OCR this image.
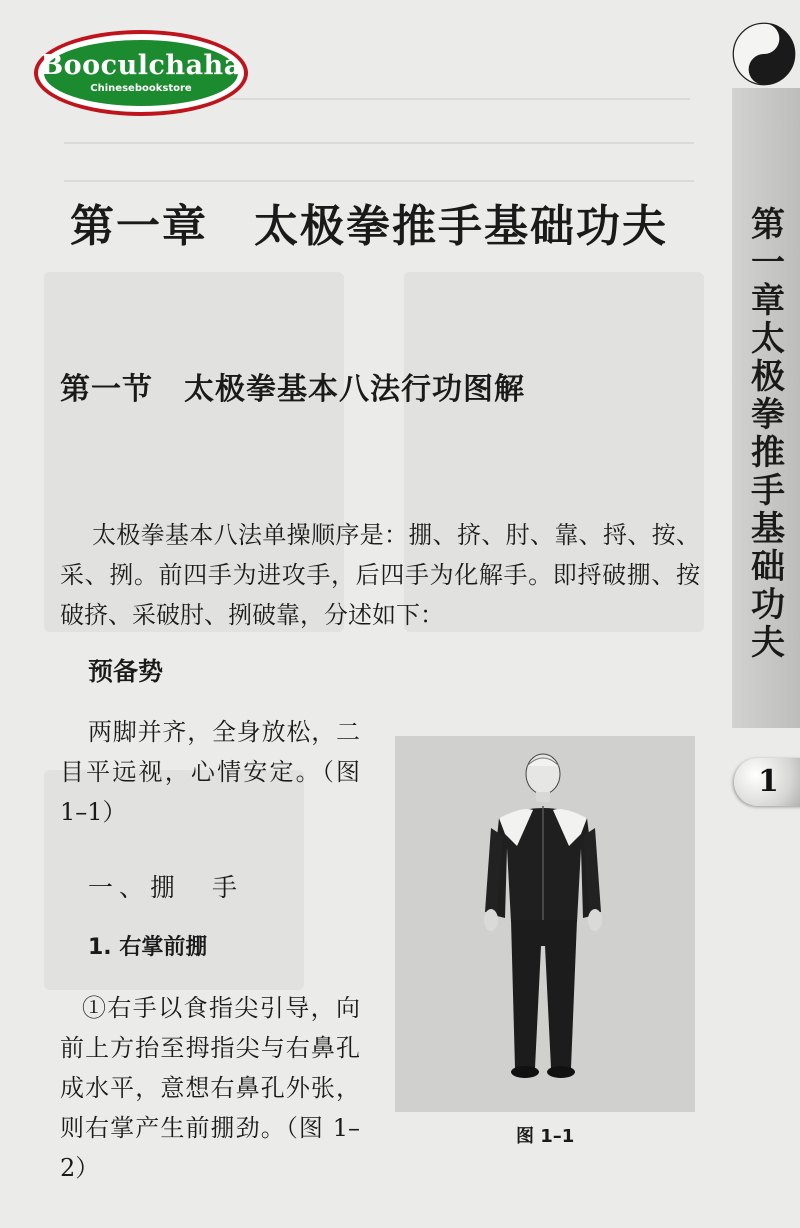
Booculchaha
Chinesebookstore
第一章 太极拳推手基础功夫
1
第一章　太极拳推手基础功夫
第一节　太极拳基本八法行功图解
太极拳基本八法单操顺序是：掤、挤、肘、靠、捋、按、采、挒。前四手为进攻手，后四手为化解手。即捋破掤、按破挤、采破肘、挒破靠，分述如下：
预备势
两脚并齐，全身放松，二目平远视，心情安定。（图1–1）
一、掤　手
1. 右掌前掤
①右手以食指尖引导，向前上方抬至拇指尖与右鼻孔成水平，意想右鼻孔外张，则右掌产生前掤劲。（图 1–2）
图 1–1
